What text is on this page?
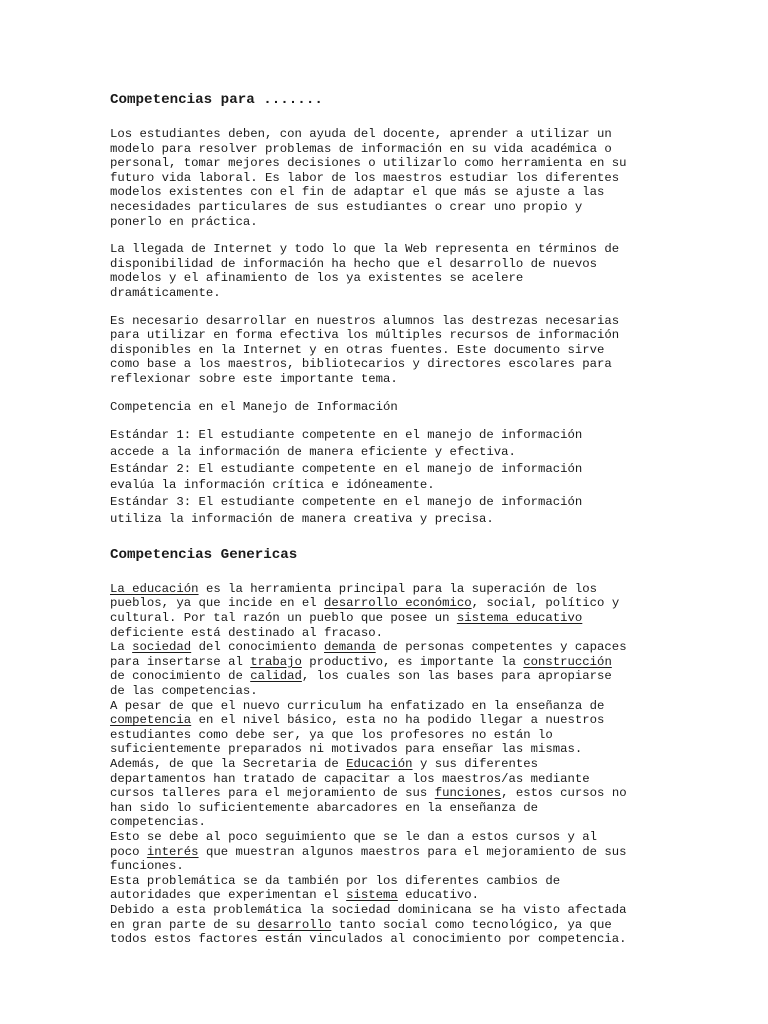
Competencias para .......
Los estudiantes deben, con ayuda del docente, aprender a utilizar un
modelo para resolver problemas de información en su vida académica o
personal, tomar mejores decisiones o utilizarlo como herramienta en su
futuro vida laboral. Es labor de los maestros estudiar los diferentes
modelos existentes con el fin de adaptar el que más se ajuste a las
necesidades particulares de sus estudiantes o crear uno propio y
ponerlo en práctica.
La llegada de Internet y todo lo que la Web representa en términos de
disponibilidad de información ha hecho que el desarrollo de nuevos
modelos y el afinamiento de los ya existentes se acelere
dramáticamente.
Es necesario desarrollar en nuestros alumnos las destrezas necesarias
para utilizar en forma efectiva los múltiples recursos de información
disponibles en la Internet y en otras fuentes. Este documento sirve
como base a los maestros, bibliotecarios y directores escolares para
reflexionar sobre este importante tema.
Competencia en el Manejo de Información
Estándar 1: El estudiante competente en el manejo de información
accede a la información de manera eficiente y efectiva.
Estándar 2: El estudiante competente en el manejo de información
evalúa la información crítica e idóneamente.
Estándar 3: El estudiante competente en el manejo de información
utiliza la información de manera creativa y precisa.
Competencias Genericas
La educación es la herramienta principal para la superación de los
pueblos, ya que incide en el desarrollo económico, social, político y
cultural. Por tal razón un pueblo que posee un sistema educativo
deficiente está destinado al fracaso.
La sociedad del conocimiento demanda de personas competentes y capaces
para insertarse al trabajo productivo, es importante la construcción
de conocimiento de calidad, los cuales son las bases para apropiarse
de las competencias.
A pesar de que el nuevo curriculum ha enfatizado en la enseñanza de
competencia en el nivel básico, esta no ha podido llegar a nuestros
estudiantes como debe ser, ya que los profesores no están lo
suficientemente preparados ni motivados para enseñar las mismas.
Además, de que la Secretaria de Educación y sus diferentes
departamentos han tratado de capacitar a los maestros/as mediante
cursos talleres para el mejoramiento de sus funciones, estos cursos no
han sido lo suficientemente abarcadores en la enseñanza de
competencias.
Esto se debe al poco seguimiento que se le dan a estos cursos y al
poco interés que muestran algunos maestros para el mejoramiento de sus
funciones.
Esta problemática se da también por los diferentes cambios de
autoridades que experimentan el sistema educativo.
Debido a esta problemática la sociedad dominicana se ha visto afectada
en gran parte de su desarrollo tanto social como tecnológico, ya que
todos estos factores están vinculados al conocimiento por competencia.
